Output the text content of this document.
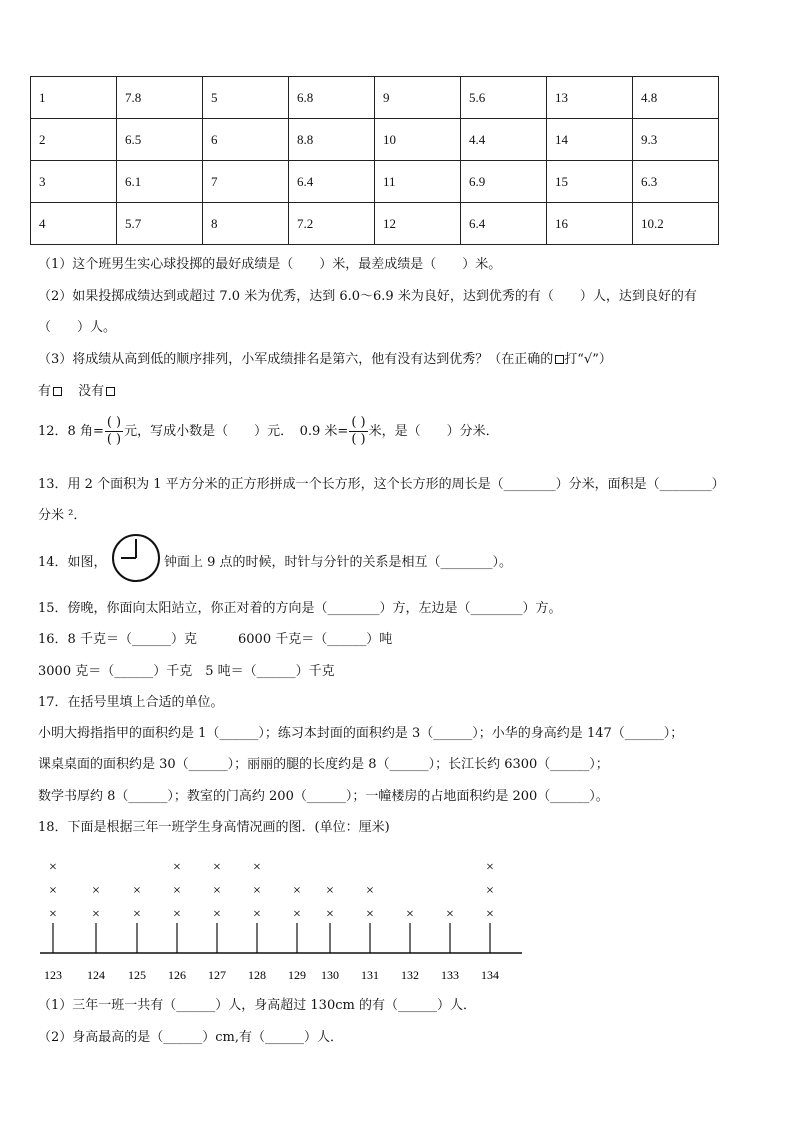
1	7.8	5	6.8	9	5.6	13	4.8
2	6.5	6	8.8	10	4.4	14	9.3
3	6.1	7	6.4	11	6.9	15	6.3
4	5.7	8	7.2	12	6.4	16	10.2
（1）这个班男生实心球投掷的最好成绩是（　　）米，最差成绩是（　　）米。
（2）如果投掷成绩达到或超过 7.0 米为优秀，达到 6.0～6.9 米为良好，达到优秀的有（　　）人，达到良好的有
（　　）人。
（3）将成绩从高到低的顺序排列，小军成绩排名是第六，他有没有达到优秀？（在正确的 打“√”）
有 没有
12．8 角= $\frac{( )}{( )}$ 元，写成小数是（　　）元．　0.9 米= $\frac{( )}{( )}$ 米，是（　　）分米．
13．用 2 个面积为 1 平方分米的正方形拼成一个长方形，这个长方形的周长是（________）分米，面积是（________）
分米 ²．
14．如图，	钟面上 9 点的时候，时针与分针的关系是相互（________）。
15．傍晚，你面向太阳站立，你正对着的方向是（________）方，左边是（________）方。
16．8 千克＝（______）克	6000 千克＝（______）吨
3000 克＝（______）千克　5 吨＝（______）千克
17．在括号里填上合适的单位。
小明大拇指指甲的面积约是 1（______）；练习本封面的面积约是 3（______）；小华的身高约是 147（______）；
课桌桌面的面积约是 30（______）；丽丽的腿的长度约是 8（______）；长江长约 6300（______）；
数学书厚约 8（______）；教室的门高约 200（______）；一幢楼房的占地面积约是 200（______）。
18．下面是根据三年一班学生身高情况画的图．(单位：厘米)
123
×
×
×
124
×
×
125
×
×
126
×
×
×
127
×
×
×
128
×
×
×
129
×
×
130
×
×
131
×
×
132
×
133
×
134
×
×
×
（1）三年一班一共有（______）人，身高超过 130cm 的有（______）人．
（2）身高最高的是（______）cm,有（______）人．
